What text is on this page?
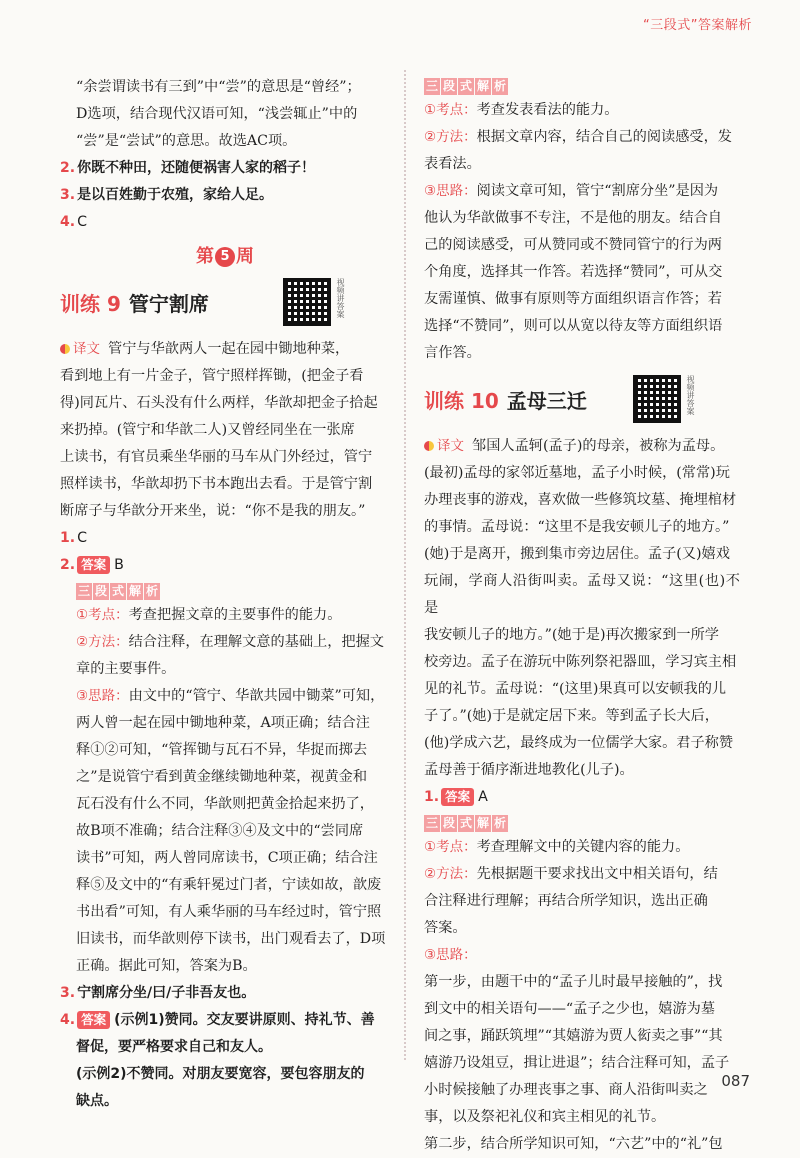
“三段式”答案解析

“余尝谓读书有三到”中“尝”的意思是“曾经”；

D选项，结合现代汉语可知，“浅尝辄止”中的

“尝”是“尝试”的意思。故选AC项。

2. 你既不种田，还随便祸害人家的稻子！

3. 是以百姓勤于农殖，家给人足。

4. C

第 5 周
训练 9 管宁割席	视频讲答案

译文 管宁与华歆两人一起在园中锄地种菜，

看到地上有一片金子，管宁照样挥锄，(把金子看

得)同瓦片、石头没有什么两样，华歆却把金子拾起

来扔掉。(管宁和华歆二人)又曾经同坐在一张席

上读书，有官员乘坐华丽的马车从门外经过，管宁

照样读书，华歆却扔下书本跑出去看。于是管宁割

断席子与华歆分开来坐，说：“你不是我的朋友。”

1. C

2. 答案 B

三 段 式 解 析

①考点：考查把握文章的主要事件的能力。

②方法：结合注释，在理解文意的基础上，把握文

章的主要事件。

③思路：由文中的“管宁、华歆共园中锄菜”可知，

两人曾一起在园中锄地种菜，A项正确；结合注

释①②可知，“管挥锄与瓦石不异，华捉而掷去

之”是说管宁看到黄金继续锄地种菜，视黄金和

瓦石没有什么不同，华歆则把黄金拾起来扔了，

故B项不准确；结合注释③④及文中的“尝同席

读书”可知，两人曾同席读书，C项正确；结合注

释⑤及文中的“有乘轩冕过门者，宁读如故，歆废

书出看”可知，有人乘华丽的马车经过时，管宁照

旧读书，而华歆则停下读书，出门观看去了，D项

正确。据此可知，答案为B。

3. 宁割席分坐/曰/子非吾友也。

4. 答案 (示例1)赞同。交友要讲原则、持礼节、善

督促，要严格要求自己和友人。

(示例2)不赞同。对朋友要宽容，要包容朋友的

缺点。

三 段 式 解 析

①考点：考查发表看法的能力。

②方法：根据文章内容，结合自己的阅读感受，发

表看法。

③思路：阅读文章可知，管宁“割席分坐”是因为

他认为华歆做事不专注，不是他的朋友。结合自

己的阅读感受，可从赞同或不赞同管宁的行为两

个角度，选择其一作答。若选择“赞同”，可从交

友需谨慎、做事有原则等方面组织语言作答；若

选择“不赞同”，则可以从宽以待友等方面组织语

言作答。

训练 10 孟母三迁	视频讲答案

译文 邹国人孟轲(孟子)的母亲，被称为孟母。

(最初)孟母的家邻近墓地，孟子小时候，(常常)玩

办理丧事的游戏，喜欢做一些修筑坟墓、掩埋棺材

的事情。孟母说：“这里不是我安顿儿子的地方。”

(她)于是离开，搬到集市旁边居住。孟子(又)嬉戏

玩闹，学商人沿街叫卖。孟母又说：“这里(也)不是

我安顿儿子的地方。”(她于是)再次搬家到一所学

校旁边。孟子在游玩中陈列祭祀器皿，学习宾主相

见的礼节。孟母说：“(这里)果真可以安顿我的儿

子了。”(她)于是就定居下来。等到孟子长大后，

(他)学成六艺，最终成为一位儒学大家。君子称赞

孟母善于循序渐进地教化(儿子)。

1. 答案 A

三 段 式 解 析

①考点：考查理解文中的关键内容的能力。

②方法：先根据题干要求找出文中相关语句，结

合注释进行理解；再结合所学知识，选出正确

答案。

③思路：

第一步，由题干中的“孟子儿时最早接触的”，找

到文中的相关语句——“孟子之少也，嬉游为墓

间之事，踊跃筑埋”“其嬉游为贾人衒卖之事”“其

嬉游乃设俎豆，揖让进退”；结合注释可知，孟子

小时候接触了办理丧事之事、商人沿街叫卖之

事，以及祭祀礼仪和宾主相见的礼节。

第二步，结合所学知识可知，“六艺”中的“礼”包

087
